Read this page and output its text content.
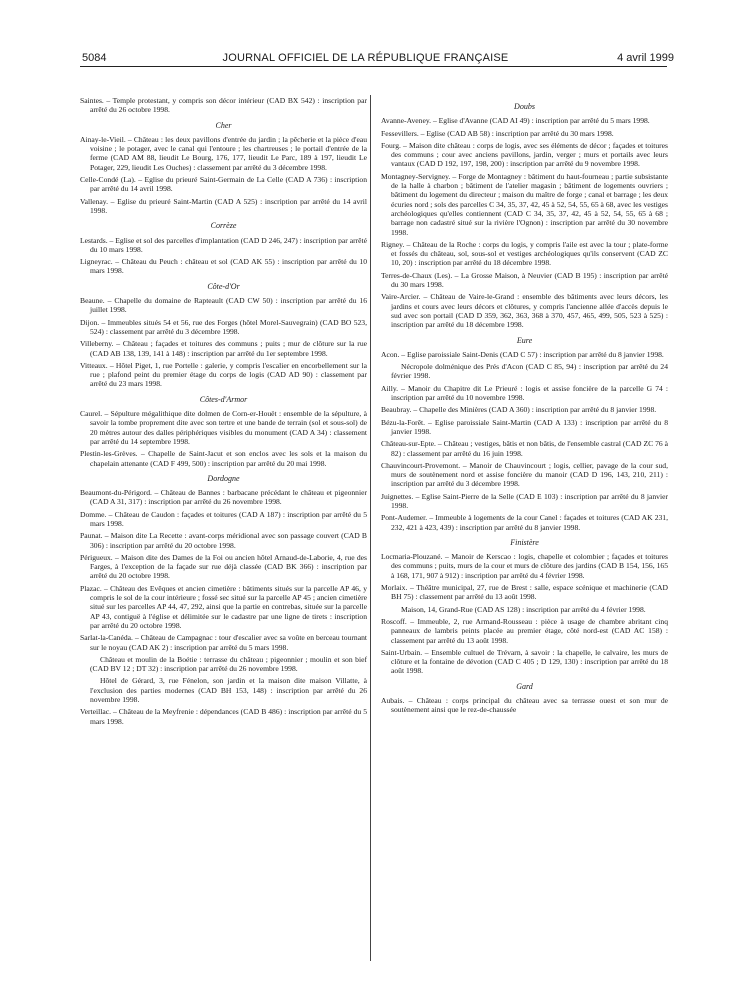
5084	JOURNAL OFFICIEL DE LA RÉPUBLIQUE FRANÇAISE	4 avril 1999
Saintes. – Temple protestant, y compris son décor intérieur (CAD BX 542) : inscription par arrêté du 26 octobre 1998.
Cher
Ainay-le-Vieil. – Château : les deux pavillons d'entrée du jardin ; la pêcherie et la pièce d'eau voisine ; le potager, avec le canal qui l'entoure ; les chartreuses ; le portail d'entrée de la ferme (CAD AM 88, lieudit Le Bourg, 176, 177, lieudit Le Parc, 189 à 197, lieudit Le Potager, 229, lieudit Les Ouches) : classement par arrêté du 3 décembre 1998.
Celle-Condé (La). – Eglise du prieuré Saint-Germain de La Celle (CAD A 736) : inscription par arrêté du 14 avril 1998.
Vallenay. – Eglise du prieuré Saint-Martin (CAD A 525) : inscription par arrêté du 14 avril 1998.
Corrèze
Lestards. – Eglise et sol des parcelles d'implantation (CAD D 246, 247) : inscription par arrêté du 10 mars 1998.
Ligneyrac. – Château du Peuch : château et sol (CAD AK 55) : inscription par arrêté du 10 mars 1998.
Côte-d'Or
Beaune. – Chapelle du domaine de Rapteault (CAD CW 50) : inscription par arrêté du 16 juillet 1998.
Dijon. – Immeubles situés 54 et 56, rue des Forges (hôtel Morel-Sauvegrain) (CAD BO 523, 524) : classement par arrêté du 3 décembre 1998.
Villeberny. – Château ; façades et toitures des communs ; puits ; mur de clôture sur la rue (CAD AB 138, 139, 141 à 148) : inscription par arrêté du 1er septembre 1998.
Vitteaux. – Hôtel Piget, 1, rue Portelle : galerie, y compris l'escalier en encorbellement sur la rue ; plafond peint du premier étage du corps de logis (CAD AD 90) : classement par arrêté du 23 mars 1998.
Côtes-d'Armor
Caurel. – Sépulture mégalithique dite dolmen de Corn-er-Houët : ensemble de la sépulture, à savoir la tombe proprement dite avec son tertre et une bande de terrain (sol et sous-sol) de 20 mètres autour des dalles périphériques visibles du monument (CAD A 34) : classement par arrêté du 14 septembre 1998.
Plestin-les-Grèves. – Chapelle de Saint-Jacut et son enclos avec les sols et la maison du chapelain attenante (CAD F 499, 500) : inscription par arrêté du 20 mai 1998.
Dordogne
Beaumont-du-Périgord. – Château de Bannes : barbacane précédant le château et pigeonnier (CAD A 31, 317) : inscription par arrêté du 26 novembre 1998.
Domme. – Château de Caudon : façades et toitures (CAD A 187) : inscription par arrêté du 5 mars 1998.
Paunat. – Maison dite La Recette : avant-corps méridional avec son passage couvert (CAD B 306) : inscription par arrêté du 20 octobre 1998.
Périgueux. – Maison dite des Dames de la Foi ou ancien hôtel Arnaud-de-Laborie, 4, rue des Farges, à l'exception de la façade sur rue déjà classée (CAD BK 366) : inscription par arrêté du 20 octobre 1998.
Plazac. – Château des Evêques et ancien cimetière : bâtiments situés sur la parcelle AP 46, y compris le sol de la cour intérieure ; fossé sec situé sur la parcelle AP 45 ; ancien cimetière situé sur les parcelles AP 44, 47, 292, ainsi que la partie en contrebas, située sur la parcelle AP 43, contiguë à l'église et délimitée sur le cadastre par une ligne de tirets : inscription par arrêté du 20 octobre 1998.
Sarlat-la-Canéda. – Château de Campagnac : tour d'escalier avec sa voûte en berceau tournant sur le noyau (CAD AK 2) : inscription par arrêté du 5 mars 1998.
Château et moulin de la Boétie : terrasse du château ; pigeonnier ; moulin et son bief (CAD BV 12 ; DT 32) : inscription par arrêté du 26 novembre 1998.
Hôtel de Gérard, 3, rue Fénelon, son jardin et la maison dite maison Villatte, à l'exclusion des parties modernes (CAD BH 153, 148) : inscription par arrêté du 26 novembre 1998.
Verteillac. – Château de la Meyfrenie : dépendances (CAD B 486) : inscription par arrêté du 5 mars 1998.
Doubs
Avanne-Aveney. – Eglise d'Avanne (CAD AI 49) : inscription par arrêté du 5 mars 1998.
Fessevillers. – Eglise (CAD AB 58) : inscription par arrêté du 30 mars 1998.
Fourg. – Maison dite château : corps de logis, avec ses éléments de décor ; façades et toitures des communs ; cour avec anciens pavillons, jardin, verger ; murs et portails avec leurs vantaux (CAD D 192, 197, 198, 200) : inscription par arrêté du 9 novembre 1998.
Montagney-Servigney. – Forge de Montagney : bâtiment du haut-fourneau ; partie subsistante de la halle à charbon ; bâtiment de l'atelier magasin ; bâtiment de logements ouvriers ; bâtiment du logement du directeur ; maison du maître de forge ; canal et barrage ; les deux écuries nord ; sols des parcelles C 34, 35, 37, 42, 45 à 52, 54, 55, 65 à 68, avec les vestiges archéologiques qu'elles contiennent (CAD C 34, 35, 37, 42, 45 à 52, 54, 55, 65 à 68 ; barrage non cadastré situé sur la rivière l'Ognon) : inscription par arrêté du 30 novembre 1998.
Rigney. – Château de la Roche : corps du logis, y compris l'aile est avec la tour ; plate-forme et fossés du château, sol, sous-sol et vestiges archéologiques qu'ils conservent (CAD ZC 10, 20) : inscription par arrêté du 18 décembre 1998.
Terres-de-Chaux (Les). – La Grosse Maison, à Neuvier (CAD B 195) : inscription par arrêté du 30 mars 1998.
Vaire-Arcier. – Château de Vaire-le-Grand : ensemble des bâtiments avec leurs décors, les jardins et cours avec leurs décors et clôtures, y compris l'ancienne allée d'accès depuis le sud avec son portail (CAD D 359, 362, 363, 368 à 370, 457, 465, 499, 505, 523 à 525) : inscription par arrêté du 18 décembre 1998.
Eure
Acon. – Eglise paroissiale Saint-Denis (CAD C 57) : inscription par arrêté du 8 janvier 1998.
Nécropole dolménique des Prés d'Acon (CAD C 85, 94) : inscription par arrêté du 24 février 1998.
Ailly. – Manoir du Chapitre dit Le Prieuré : logis et assise foncière de la parcelle G 74 : inscription par arrêté du 10 novembre 1998.
Beaubray. – Chapelle des Minières (CAD A 360) : inscription par arrêté du 8 janvier 1998.
Bézu-la-Forêt. – Eglise paroissiale Saint-Martin (CAD A 133) : inscription par arrêté du 8 janvier 1998.
Château-sur-Epte. – Château ; vestiges, bâtis et non bâtis, de l'ensemble castral (CAD ZC 76 à 82) : classement par arrêté du 16 juin 1998.
Chauvincourt-Provemont. – Manoir de Chauvincourt ; logis, cellier, pavage de la cour sud, murs de soutènement nord et assise foncière du manoir (CAD D 196, 143, 210, 211) : inscription par arrêté du 3 décembre 1998.
Juignettes. – Eglise Saint-Pierre de la Selle (CAD E 103) : inscription par arrêté du 8 janvier 1998.
Pont-Audemer. – Immeuble à logements de la cour Canel : façades et toitures (CAD AK 231, 232, 421 à 423, 439) : inscription par arrêté du 8 janvier 1998.
Finistère
Locmaria-Plouzané. – Manoir de Kerscao : logis, chapelle et colombier ; façades et toitures des communs ; puits, murs de la cour et murs de clôture des jardins (CAD B 154, 156, 165 à 168, 171, 907 à 912) : inscription par arrêté du 4 février 1998.
Morlaix. – Théâtre municipal, 27, rue de Brest : salle, espace scénique et machinerie (CAD BH 75) : classement par arrêté du 13 août 1998.
Maison, 14, Grand-Rue (CAD AS 128) : inscription par arrêté du 4 février 1998.
Roscoff. – Immeuble, 2, rue Armand-Rousseau : pièce à usage de chambre abritant cinq panneaux de lambris peints placée au premier étage, côté nord-est (CAD AC 158) : classement par arrêté du 13 août 1998.
Saint-Urbain. – Ensemble cultuel de Trévarn, à savoir : la chapelle, le calvaire, les murs de clôture et la fontaine de dévotion (CAD C 405 ; D 129, 130) : inscription par arrêté du 18 août 1998.
Gard
Aubais. – Château : corps principal du château avec sa terrasse ouest et son mur de soutènement ainsi que le rez-de-chaussée
